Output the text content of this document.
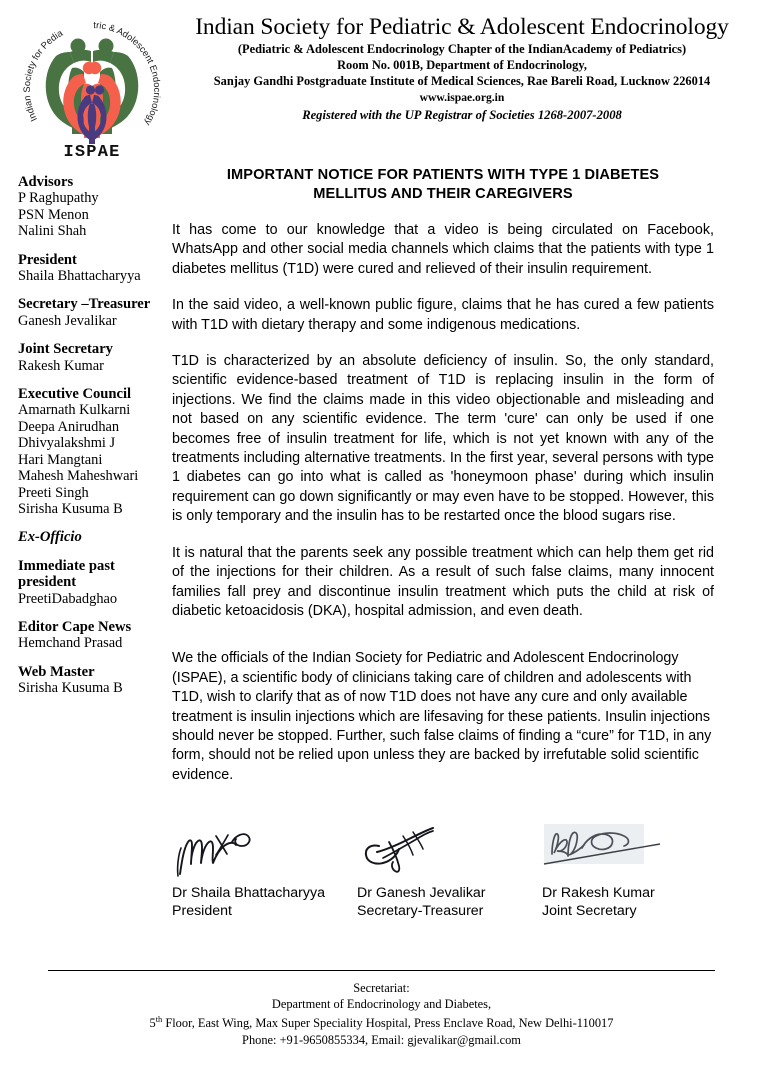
Indian Society for Pedia
tric & Adolescent Endocrinology
ISPAE
Indian Society for Pediatric & Adolescent Endocrinology
(Pediatric & Adolescent Endocrinology Chapter of the IndianAcademy of Pediatrics)
Room No. 001B, Department of Endocrinology,
Sanjay Gandhi Postgraduate Institute of Medical Sciences, Rae Bareli Road, Lucknow 226014
www.ispae.org.in
Registered with the UP Registrar of Societies 1268-2007-2008
Advisors
P Raghupathy
PSN Menon
Nalini Shah
President
Shaila Bhattacharyya
Secretary –Treasurer
Ganesh Jevalikar
Joint Secretary
Rakesh Kumar
Executive Council
Amarnath Kulkarni
Deepa Anirudhan
Dhivyalakshmi J
Hari Mangtani
Mahesh Maheshwari
Preeti Singh
Sirisha Kusuma B
Ex-Officio
Immediate past president
PreetiDabadghao
Editor Cape News
Hemchand Prasad
Web Master
Sirisha Kusuma B
IMPORTANT NOTICE FOR PATIENTS WITH TYPE 1 DIABETES MELLITUS AND THEIR CAREGIVERS

It has come to our knowledge that a video is being circulated on Facebook, WhatsApp and other social media channels which claims that the patients with type 1 diabetes mellitus (T1D) were cured and relieved of their insulin requirement.

In the said video, a well-known public figure, claims that he has cured a few patients with T1D with dietary therapy and some indigenous medications.

T1D is characterized by an absolute deficiency of insulin. So, the only standard, scientific evidence-based treatment of T1D is replacing insulin in the form of injections. We find the claims made in this video objectionable and misleading and not based on any scientific evidence. The term 'cure' can only be used if one becomes free of insulin treatment for life, which is not yet known with any of the treatments including alternative treatments. In the first year, several persons with type 1 diabetes can go into what is called as 'honeymoon phase' during which insulin requirement can go down significantly or may even have to be stopped. However, this is only temporary and the insulin has to be restarted once the blood sugars rise.

It is natural that the parents seek any possible treatment which can help them get rid of the injections for their children. As a result of such false claims, many innocent families fall prey and discontinue insulin treatment which puts the child at risk of diabetic ketoacidosis (DKA), hospital admission, and even death.

We the officials of the Indian Society for Pediatric and Adolescent Endocrinology (ISPAE), a scientific body of clinicians taking care of children and adolescents with T1D, wish to clarify that as of now T1D does not have any cure and only available treatment is insulin injections which are lifesaving for these patients. Insulin injections should never be stopped. Further, such false claims of finding a “cure” for T1D, in any form, should not be relied upon unless they are backed by irrefutable solid scientific evidence.

Dr Shaila Bhattacharyya
President
Dr Ganesh Jevalikar
Secretary-Treasurer
Dr Rakesh Kumar
Joint Secretary
Secretariat:
Department of Endocrinology and Diabetes,
5th Floor, East Wing, Max Super Speciality Hospital, Press Enclave Road, New Delhi-110017
Phone: +91-9650855334, Email: gjevalikar@gmail.com
